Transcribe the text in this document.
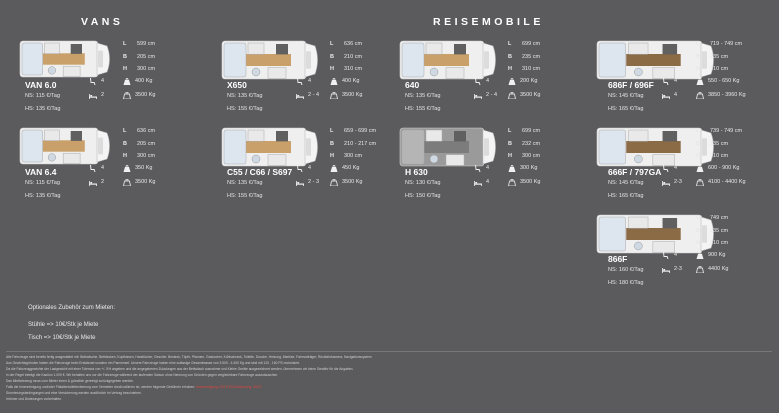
VANS	REISEMOBILE
VAN 6.0
NS: 115 €/Tag
HS: 135 €/Tag
L 599 cm
B 205 cm
H 300 cm
4
2
400 Kg
3500 Kg
VAN 6.4
NS: 115 €/Tag
HS: 135 €/Tag
L 636 cm
B 205 cm
H 300 cm
4
2
350 Kg
3500 Kg
X650
NS: 135 €/Tag
HS: 155 €/Tag
L 636 cm
B 210 cm
H 310 cm
4
2 - 4
400 Kg
3500 Kg
C55 / C66 / S697
NS: 135 €/Tag
HS: 155 €/Tag
L 659 - 699 cm
B 210 - 217 cm
H 300 cm
4
2 - 3
450 Kg
3500 Kg
640
NS: 135 €/Tag
HS: 155 €/Tag
L 699 cm
B 235 cm
H 310 cm
4
2 - 4
200 Kg
3500 Kg
H 630
NS: 130 €/Tag
HS: 150 €/Tag
L 699 cm
B 232 cm
H 300 cm
4
4
300 Kg
3500 Kg
686F / 696F
NS: 145 €/Tag
HS: 165 €/Tag
L 719 - 749 cm
B 235 cm
H 310 cm
4
4
550 - 650 Kg
3850 - 3960 Kg
666F / 797GA
NS: 145 €/Tag
HS: 165 €/Tag
L 739 - 749 cm
B 235 cm
H 310 cm
4
2-3
600 - 900 Kg
4100 - 4400 Kg
866F
NS: 160 €/Tag
HS: 180 €/Tag
L 749 cm
B 235 cm
H 310 cm
4
2-3
900 Kg
4400 Kg
Optionales Zubehör zum Mieten:
Stühle => 10€/Stk je Miete
Tisch => 10€/Stk je Miete
Alle Fahrzeuge sind bereits fertig ausgestattet mit: Bettwäsche, Bettdecken, Kopfkissen, Handtücher, Geschirr, Besteck, Töpfe, Pfannen, Gaskocher, Kühlschrank, Toilette, Dusche, Heizung, Markise, Fahrradträger, Rückfahrkamera, Navigationssystem
Aus Gewichtsgründen haben die Fahrzeuge beim Erstatzrad sondern ein Pannenset. Unsere Fahrzeuge haben eine zulässige Gesamtmasse von 3.500 - 4.400 Kg und sind mit 120 - 160 PS motorisiert.
Da die Fahrzeuggewichte der Lastgewicht mit einer Toleranz von +/- 5% angeben und die angegebenen Zuladungen aus der Bettwäsch ausnahme und Kleine Geräte ausgezeichnet werden, übernehmen wir keine Gewähr für die Angaben.
In der Regel beträgt die Kaution 1.000 €. Wir behalten uns vor die Fahrzeuge während der laufenden Saison ohne Nennung von Gründen gegen vergleichbare Fahrzeuge auszutauschen.
Das Mietfahrzeug muss vom Mieter innen & gründlich gereinigt zurückgegeben werden.
Falls die Innenreinigung und/oder Fäkalientoilettenleerung vom Vermieter durchzuführen ist, werden folgende Gebühren erhoben: Innenreinigung: 200 € WC-Entleerung: 200 €
Stornierungsbedingungen und eine Versicherung werden ausführlich im Vertrag beschrieben.
Irrtümer und Änderungen vorbehalten.
